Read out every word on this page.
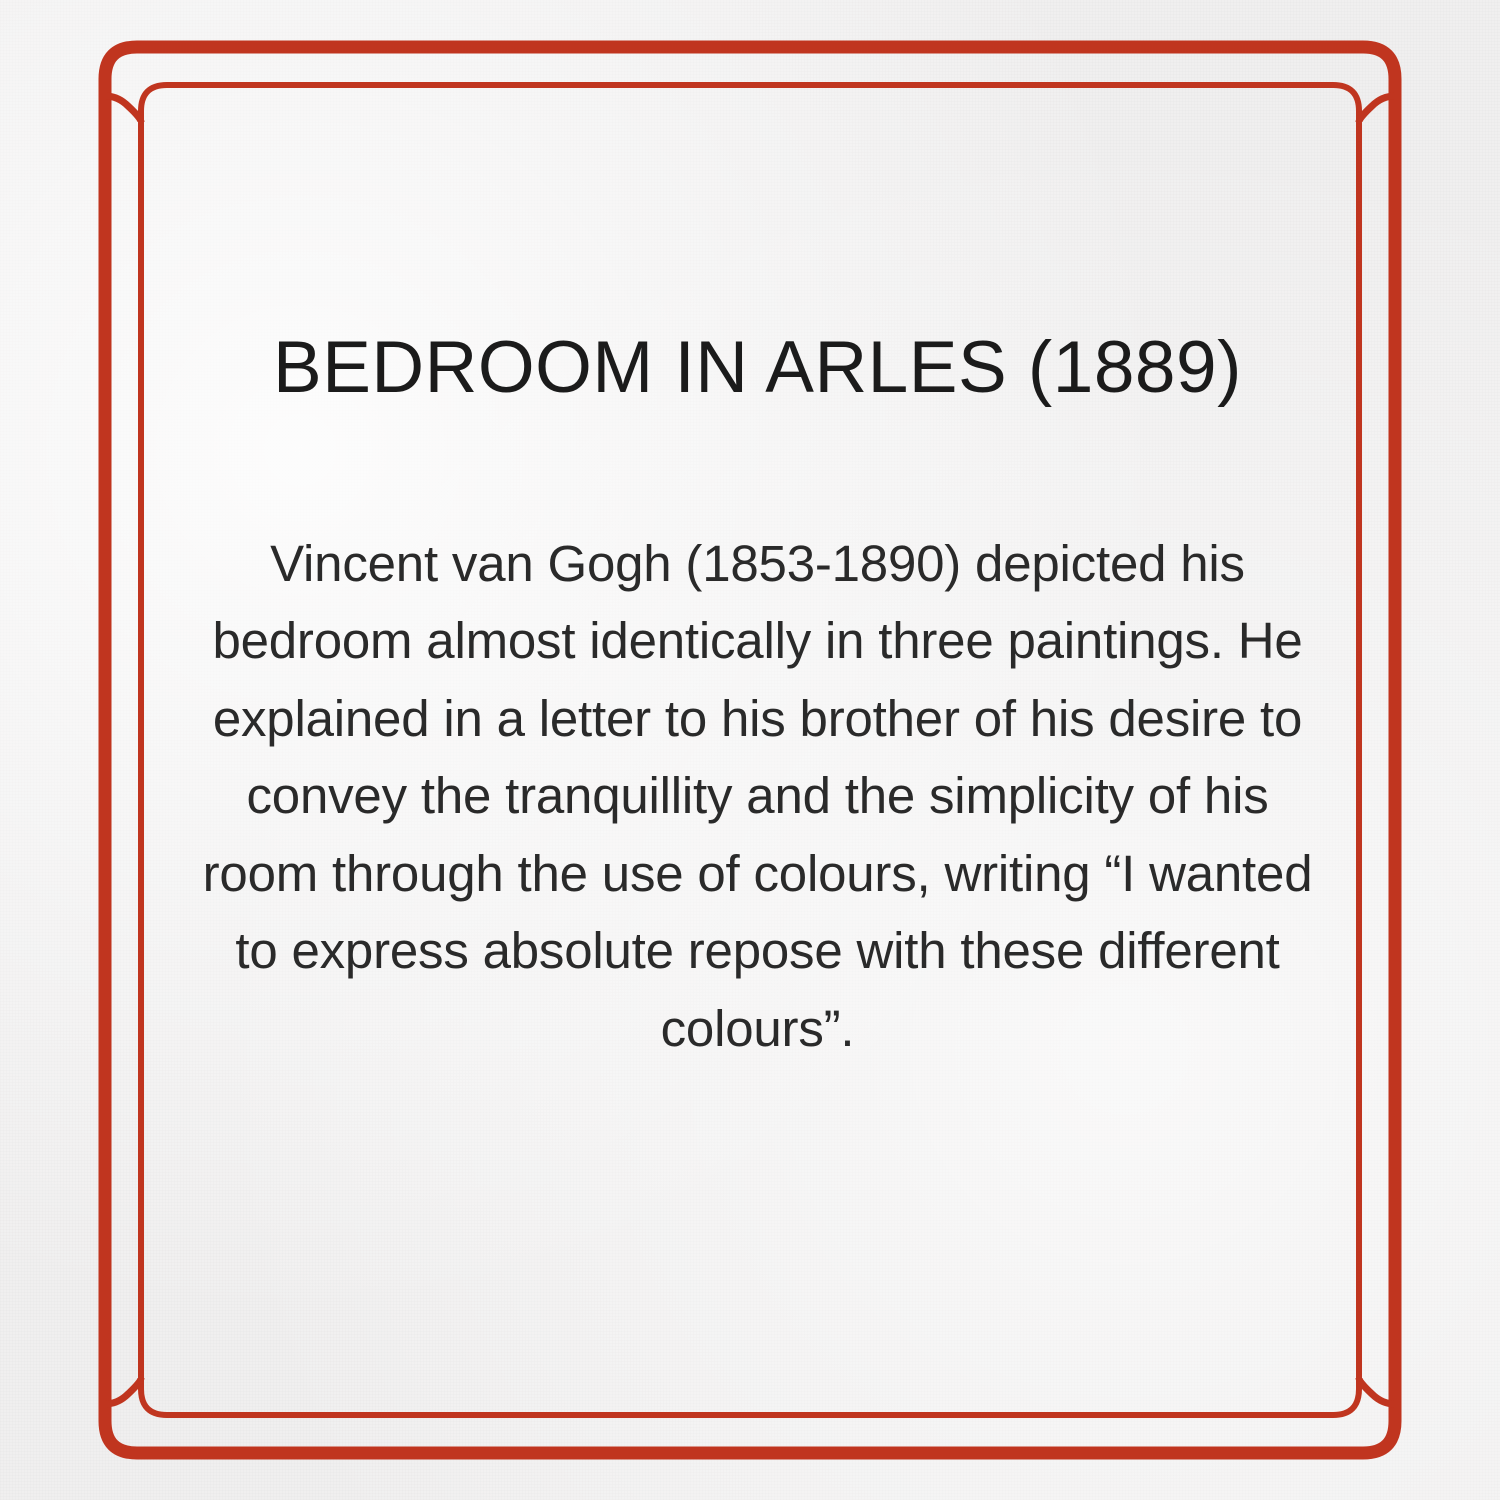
BEDROOM IN ARLES (1889)

Vincent van Gogh (1853-1890) depicted his bedroom almost identically in three paintings. He explained in a letter to his brother of his desire to convey the tranquillity and the simplicity of his room through the use of colours, writing “I wanted to express absolute repose with these different colours”.
